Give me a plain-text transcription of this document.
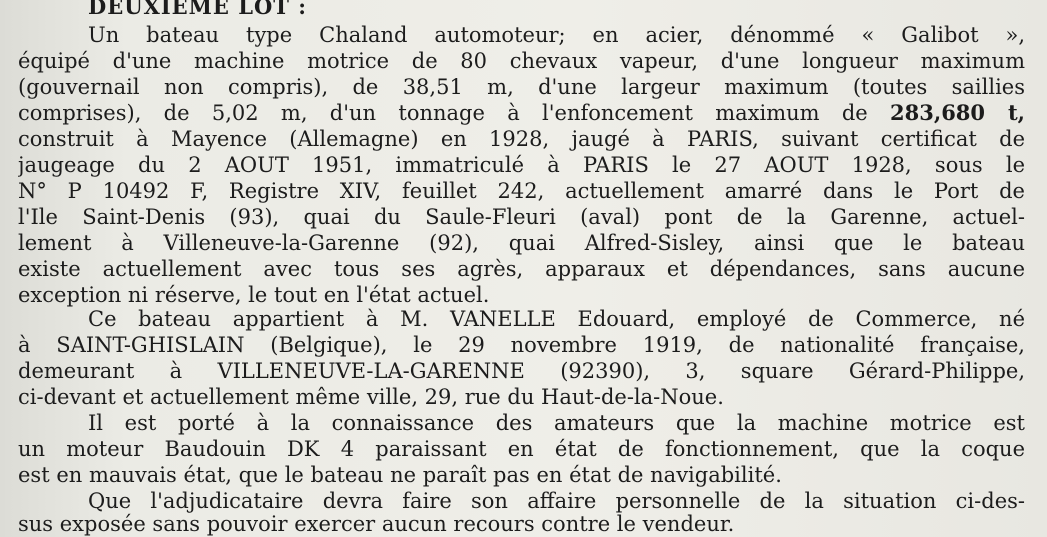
DEUXIEME LOT :
Un bateau type Chaland automoteur; en acier, dénommé « Galibot »,
équipé d'une machine motrice de 80 chevaux vapeur, d'une longueur maximum
(gouvernail non compris), de 38,51 m, d'une largeur maximum (toutes saillies
comprises), de 5,02 m, d'un tonnage à l'enfoncement maximum de 283,680 t,
construit à Mayence (Allemagne) en 1928, jaugé à PARIS, suivant certificat de
jaugeage du 2 AOUT 1951, immatriculé à PARIS le 27 AOUT 1928, sous le
N° P 10492 F, Registre XIV, feuillet 242, actuellement amarré dans le Port de
l'Ile Saint-Denis (93), quai du Saule-Fleuri (aval) pont de la Garenne, actuel-
lement à Villeneuve-la-Garenne (92), quai Alfred-Sisley, ainsi que le bateau
existe actuellement avec tous ses agrès, apparaux et dépendances, sans aucune
exception ni réserve, le tout en l'état actuel.
Ce bateau appartient à M. VANELLE Edouard, employé de Commerce, né
à SAINT-GHISLAIN (Belgique), le 29 novembre 1919, de nationalité française,
demeurant à VILLENEUVE-LA-GARENNE (92390), 3, square Gérard-Philippe,
ci-devant et actuellement même ville, 29, rue du Haut-de-la-Noue.
Il est porté à la connaissance des amateurs que la machine motrice est
un moteur Baudouin DK 4 paraissant en état de fonctionnement, que la coque
est en mauvais état, que le bateau ne paraît pas en état de navigabilité.
Que l'adjudicataire devra faire son affaire personnelle de la situation ci-des-
sus exposée sans pouvoir exercer aucun recours contre le vendeur.
